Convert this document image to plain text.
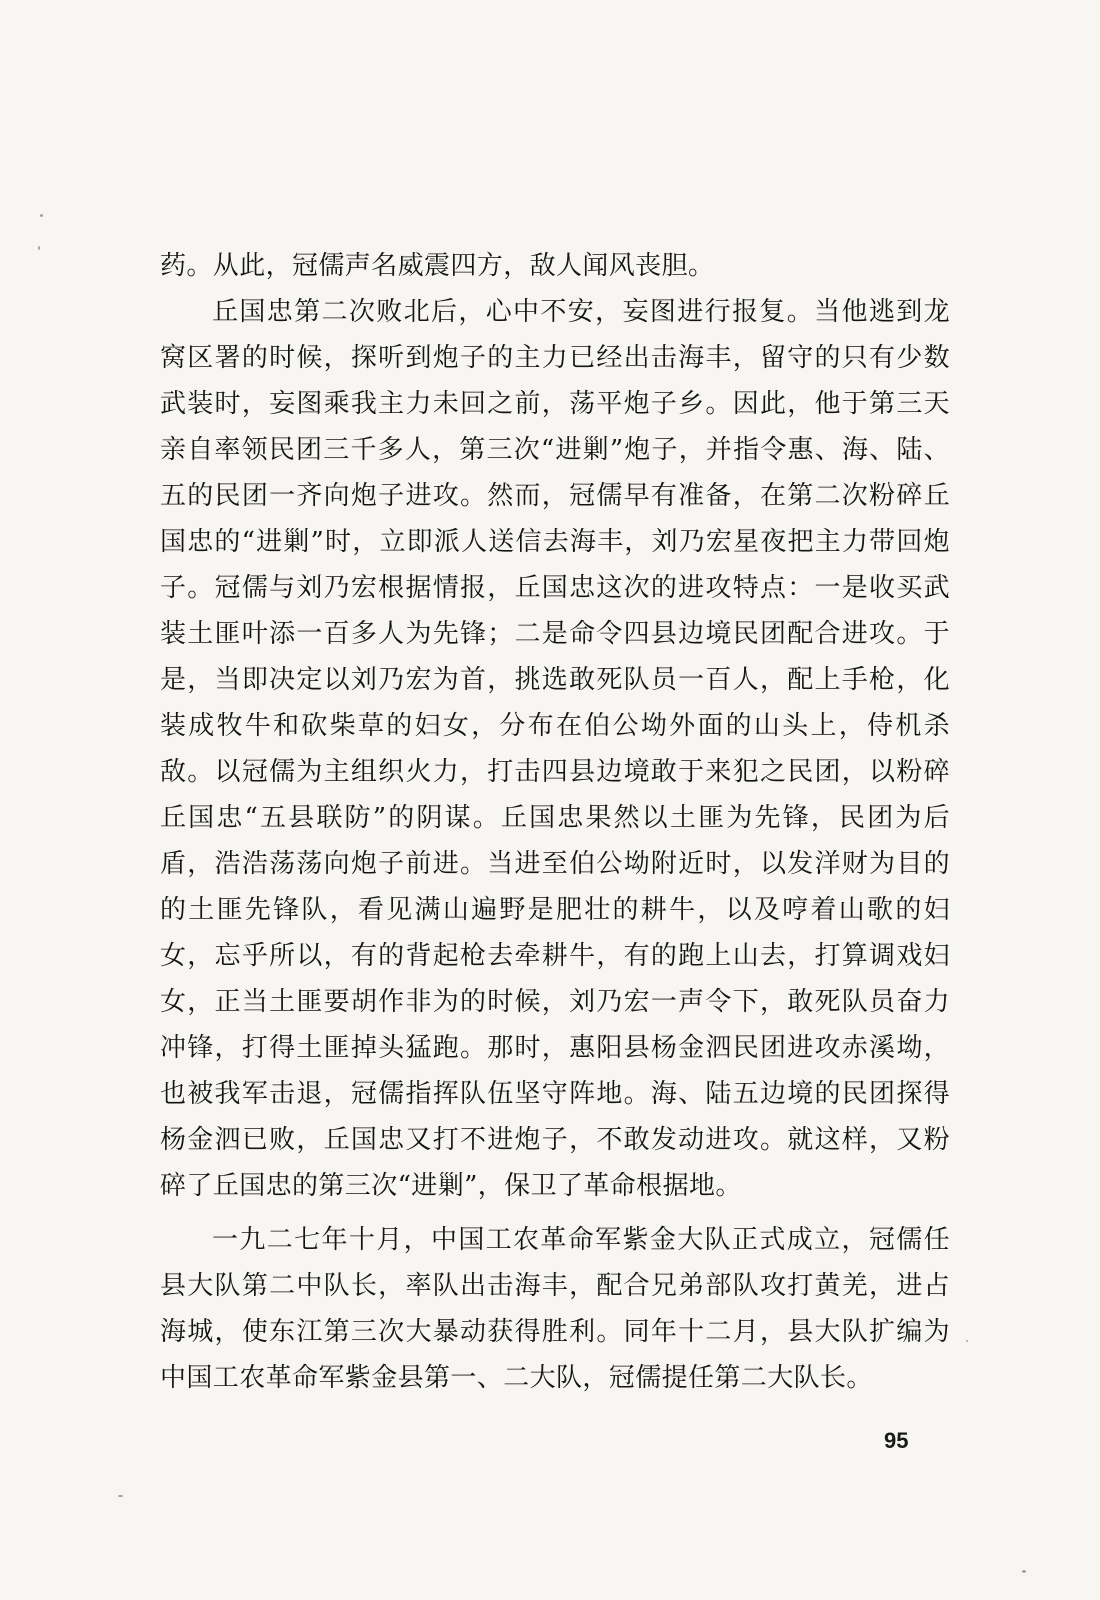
药。从此，冠儒声名威震四方，敌人闻风丧胆。

丘国忠第二次败北后，心中不安，妄图进行报复。当他逃到龙窝区署的时候，探听到炮子的主力已经出击海丰，留守的只有少数武装时，妄图乘我主力未回之前，荡平炮子乡。因此，他于第三天亲自率领民团三千多人，第三次“进剿”炮子，并指令惠、海、陆、五的民团一齐向炮子进攻。然而，冠儒早有准备，在第二次粉碎丘国忠的“进剿”时，立即派人送信去海丰，刘乃宏星夜把主力带回炮子。冠儒与刘乃宏根据情报，丘国忠这次的进攻特点：一是收买武装土匪叶添一百多人为先锋；二是命令四县边境民团配合进攻。于是，当即决定以刘乃宏为首，挑选敢死队员一百人，配上手枪，化装成牧牛和砍柴草的妇女，分布在伯公坳外面的山头上，侍机杀敌。以冠儒为主组织火力，打击四县边境敢于来犯之民团，以粉碎丘国忠“五县联防”的阴谋。丘国忠果然以土匪为先锋，民团为后盾，浩浩荡荡向炮子前进。当进至伯公坳附近时，以发洋财为目的的土匪先锋队，看见满山遍野是肥壮的耕牛，以及哼着山歌的妇女，忘乎所以，有的背起枪去牵耕牛，有的跑上山去，打算调戏妇女，正当土匪要胡作非为的时候，刘乃宏一声令下，敢死队员奋力冲锋，打得土匪掉头猛跑。那时，惠阳县杨金泗民团进攻赤溪坳，也被我军击退，冠儒指挥队伍坚守阵地。海、陆五边境的民团探得杨金泗已败，丘国忠又打不进炮子，不敢发动进攻。就这样，又粉碎了丘国忠的第三次“进剿”，保卫了革命根据地。

一九二七年十月，中国工农革命军紫金大队正式成立，冠儒任县大队第二中队长，率队出击海丰，配合兄弟部队攻打黄羌，进占海城，使东江第三次大暴动获得胜利。同年十二月，县大队扩编为中国工农革命军紫金县第一、二大队，冠儒提任第二大队长。

95
